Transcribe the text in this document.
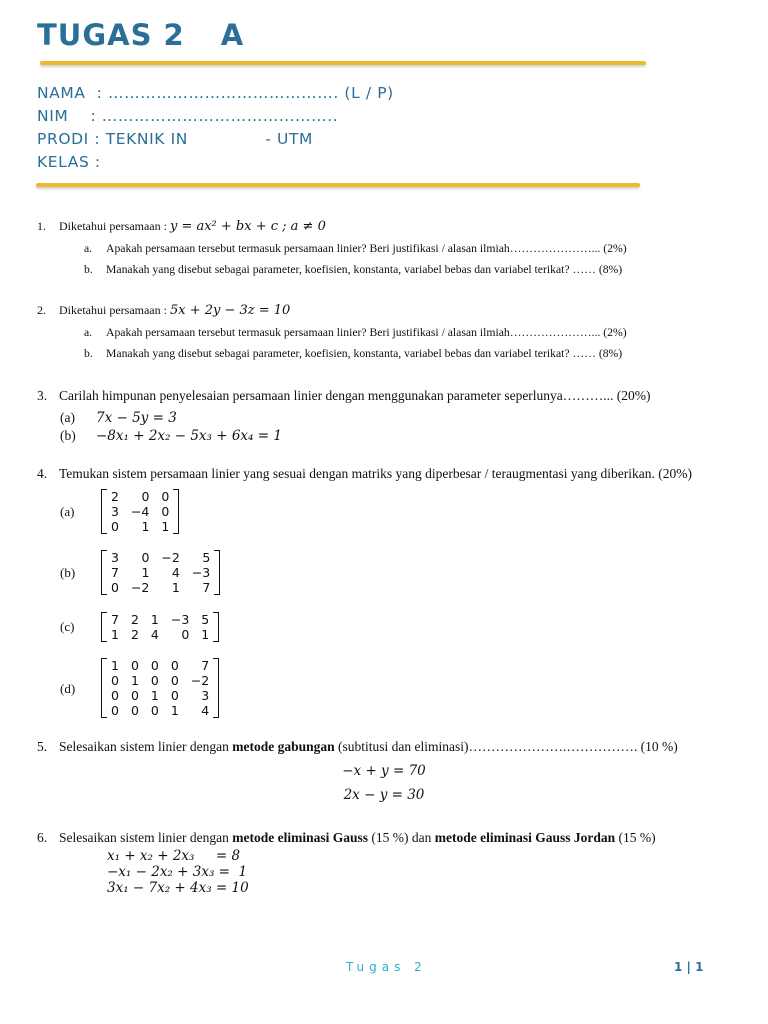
TUGAS 2 A
NAMA  : ……………………………………. (L / P)
NIM    : ……………………………………..
PRODI : TEKNIK IN              - UTM
KELAS :
1. Diketahui persamaan : y = ax² + bx + c ; a ≠ 0
a. Apakah persamaan tersebut termasuk persamaan linier? Beri justifikasi / alasan ilmiah…………………... (2%)
b. Manakah yang disebut sebagai parameter, koefisien, konstanta, variabel bebas dan variabel terikat? …… (8%)
2. Diketahui persamaan : 5x + 2y − 3z = 10
a. Apakah persamaan tersebut termasuk persamaan linier? Beri justifikasi / alasan ilmiah…………………... (2%)
b. Manakah yang disebut sebagai parameter, koefisien, konstanta, variabel bebas dan variabel terikat? …… (8%)
3. Carilah himpunan penyelesaian persamaan linier dengan menggunakan parameter seperlunya………... (20%)
(a) 7x − 5y = 3
(b) −8x₁ + 2x₂ − 5x₃ + 6x₄ = 1
4. Temukan sistem persamaan linier yang sesuai dengan matriks yang diperbesar / teraugmentasi yang diberikan. (20%)
(a)
2	0	0
3	−4	0
0	1	1
(b)
3	0	−2	5
7	1	4	−3
0	−2	1	7
(c)	7	2	1	−3	5
1	2	4	0	1
(d)
1	0	0	0	7
0	1	0	0	−2
0	0	1	0	3
0	0	0	1	4
5. Selesaikan sistem linier dengan metode gabungan (subtitusi dan eliminasi)………………….……………. (10 %)
−x + y = 70
2x − y = 30
6. Selesaikan sistem linier dengan metode eliminasi Gauss (15 %) dan metode eliminasi Gauss Jordan (15 %)
x₁ + x₂ + 2x₃     = 8
−x₁ − 2x₂ + 3x₃ =  1
3x₁ − 7x₂ + 4x₃ = 10
Tugas 2	1 | 1
